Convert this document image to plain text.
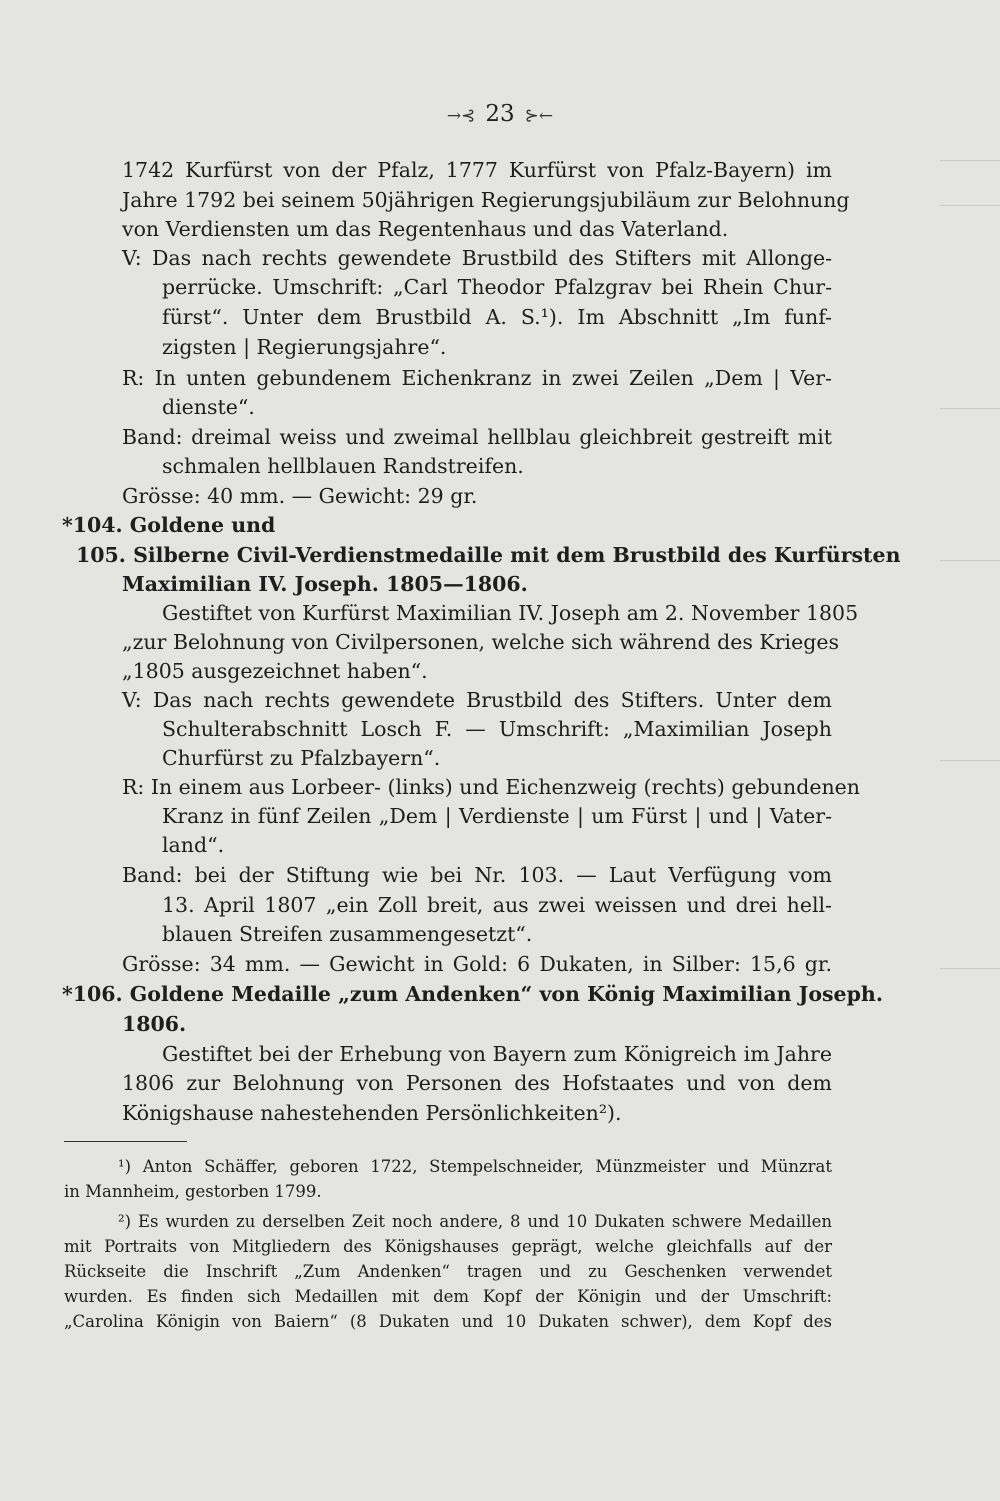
→⊰ 23 ⊱←
1742 Kurfürst von der Pfalz, 1777 Kurfürst von Pfalz-Bayern) im
Jahre 1792 bei seinem 50jährigen Regierungsjubiläum zur Belohnung
von Verdiensten um das Regentenhaus und das Vaterland.
V: Das nach rechts gewendete Brustbild des Stifters mit Allonge-
perrücke. Umschrift: „Carl Theodor Pfalzgrav bei Rhein Chur-
fürst“. Unter dem Brustbild A. S.¹). Im Abschnitt „Im funf-
zigsten | Regierungsjahre“.
R: In unten gebundenem Eichenkranz in zwei Zeilen „Dem | Ver-
dienste“.
Band: dreimal weiss und zweimal hellblau gleichbreit gestreift mit
schmalen hellblauen Randstreifen.
Grösse: 40 mm. — Gewicht: 29 gr.
*104. Goldene und
105. Silberne Civil-Verdienstmedaille mit dem Brustbild des Kurfürsten
Maximilian IV. Joseph. 1805—1806.
Gestiftet von Kurfürst Maximilian IV. Joseph am 2. November 1805
„zur Belohnung von Civilpersonen, welche sich während des Krieges
„1805 ausgezeichnet haben“.
V: Das nach rechts gewendete Brustbild des Stifters. Unter dem
Schulterabschnitt Losch F. — Umschrift: „Maximilian Joseph
Churfürst zu Pfalzbayern“.
R: In einem aus Lorbeer- (links) und Eichenzweig (rechts) gebundenen
Kranz in fünf Zeilen „Dem | Verdienste | um Fürst | und | Vater-
land“.
Band: bei der Stiftung wie bei Nr. 103. — Laut Verfügung vom
13. April 1807 „ein Zoll breit, aus zwei weissen und drei hell-
blauen Streifen zusammengesetzt“.
Grösse: 34 mm. — Gewicht in Gold: 6 Dukaten, in Silber: 15,6 gr.
*106. Goldene Medaille „zum Andenken“ von König Maximilian Joseph.
1806.
Gestiftet bei der Erhebung von Bayern zum Königreich im Jahre
1806 zur Belohnung von Personen des Hofstaates und von dem
Königshause nahestehenden Persönlichkeiten²).
¹) Anton Schäffer, geboren 1722, Stempelschneider, Münzmeister und Münzrat
in Mannheim, gestorben 1799.
²) Es wurden zu derselben Zeit noch andere, 8 und 10 Dukaten schwere Medaillen
mit Portraits von Mitgliedern des Königshauses geprägt, welche gleichfalls auf der
Rückseite die Inschrift „Zum Andenken“ tragen und zu Geschenken verwendet
wurden. Es finden sich Medaillen mit dem Kopf der Königin und der Umschrift:
„Carolina Königin von Baiern“ (8 Dukaten und 10 Dukaten schwer), dem Kopf des
